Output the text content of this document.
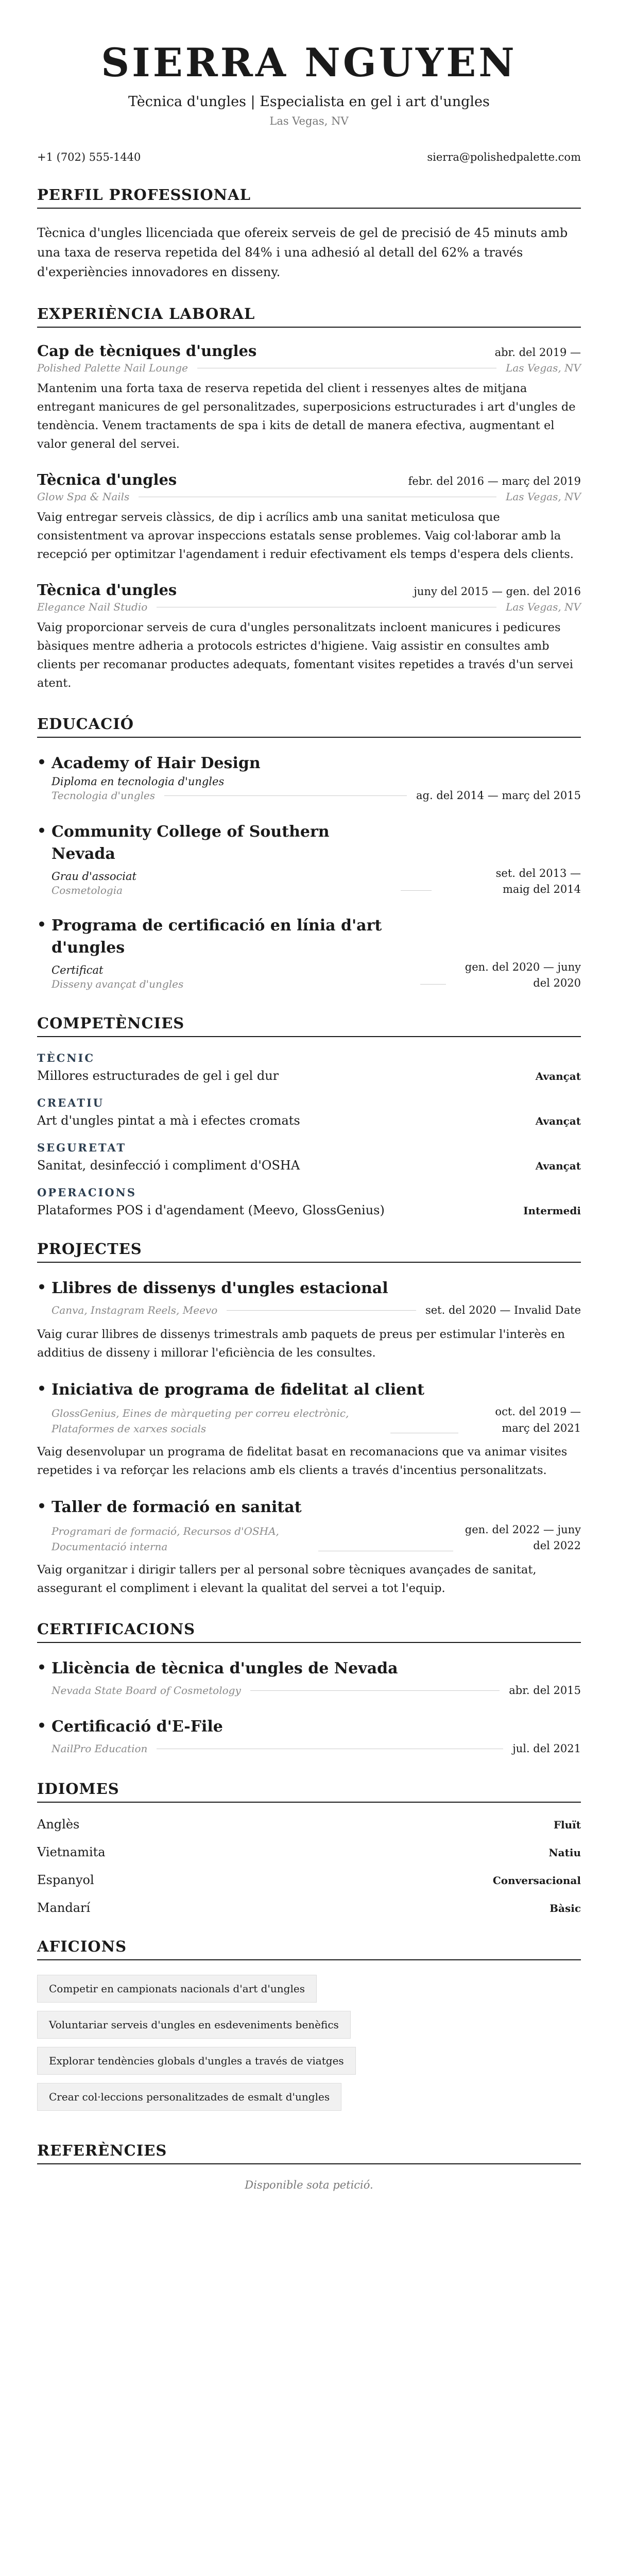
SIERRA NGUYEN
Tècnica d'ungles | Especialista en gel i art d'ungles
Las Vegas, NV
+1 (702) 555-1440	sierra@polishedpalette.com
PERFIL PROFESSIONAL

Tècnica d'ungles llicenciada que ofereix serveis de gel de precisió de 45 minuts amb una taxa de reserva repetida del 84% i una adhesió al detall del 62% a través d'experiències innovadores en disseny.

EXPERIÈNCIA LABORAL
Cap de tècniques d'ungles	abr. del 2019 —
Polished Palette Nail Lounge	Las Vegas, NV

Mantenim una forta taxa de reserva repetida del client i ressenyes altes de mitjana entregant manicures de gel personalitzades, superposicions estructurades i art d'ungles de tendència. Venem tractaments de spa i kits de detall de manera efectiva, augmentant el valor general del servei.

Tècnica d'ungles	febr. del 2016 — març del 2019
Glow Spa & Nails	Las Vegas, NV

Vaig entregar serveis clàssics, de dip i acrílics amb una sanitat meticulosa que consistentment va aprovar inspeccions estatals sense problemes. Vaig col·laborar amb la recepció per optimitzar l'agendament i reduir efectivament els temps d'espera dels clients.

Tècnica d'ungles	juny del 2015 — gen. del 2016
Elegance Nail Studio	Las Vegas, NV

Vaig proporcionar serveis de cura d'ungles personalitzats incloent manicures i pedicures bàsiques mentre adheria a protocols estrictes d'higiene. Vaig assistir en consultes amb clients per recomanar productes adequats, fomentant visites repetides a través d'un servei atent.

EDUCACIÓ
• Academy of Hair Design
Diploma en tecnologia d'ungles
Tecnologia d'ungles	ag. del 2014 — març del 2015
• Community College of Southern Nevada
Grau d'associat
Cosmetologia
set. del 2013 — maig del 2014
• Programa de certificació en línia d'art d'ungles
Certificat
Disseny avançat d'ungles
gen. del 2020 — juny del 2020
COMPETÈNCIES
TÈCNIC
Millores estructurades de gel i gel dur	Avançat
CREATIU
Art d'ungles pintat a mà i efectes cromats	Avançat
SEGURETAT
Sanitat, desinfecció i compliment d'OSHA	Avançat
OPERACIONS
Plataformes POS i d'agendament (Meevo, GlossGenius)	Intermedi
PROJECTES
• Llibres de dissenys d'ungles estacional
Canva, Instagram Reels, Meevo	set. del 2020 — Invalid Date

Vaig curar llibres de dissenys trimestrals amb paquets de preus per estimular l'interès en additius de disseny i millorar l'eficiència de les consultes.

• Iniciativa de programa de fidelitat al client
GlossGenius, Eines de màrqueting per correu electrònic, Plataformes de xarxes socials
oct. del 2019 — març del 2021

Vaig desenvolupar un programa de fidelitat basat en recomanacions que va animar visites repetides i va reforçar les relacions amb els clients a través d'incentius personalitzats.

• Taller de formació en sanitat
Programari de formació, Recursos d'OSHA, Documentació interna
gen. del 2022 — juny del 2022

Vaig organitzar i dirigir tallers per al personal sobre tècniques avançades de sanitat, assegurant el compliment i elevant la qualitat del servei a tot l'equip.

CERTIFICACIONS
• Llicència de tècnica d'ungles de Nevada
Nevada State Board of Cosmetology	abr. del 2015
• Certificació d'E-File
NailPro Education	jul. del 2021
IDIOMES
Anglès	Fluït
Vietnamita	Natiu
Espanyol	Conversacional
Mandarí	Bàsic
AFICIONS
Competir en campionats nacionals d'art d'ungles
Voluntariar serveis d'ungles en esdeveniments benèfics
Explorar tendències globals d'ungles a través de viatges
Crear col·leccions personalitzades de esmalt d'ungles
REFERÈNCIES
Disponible sota petició.
